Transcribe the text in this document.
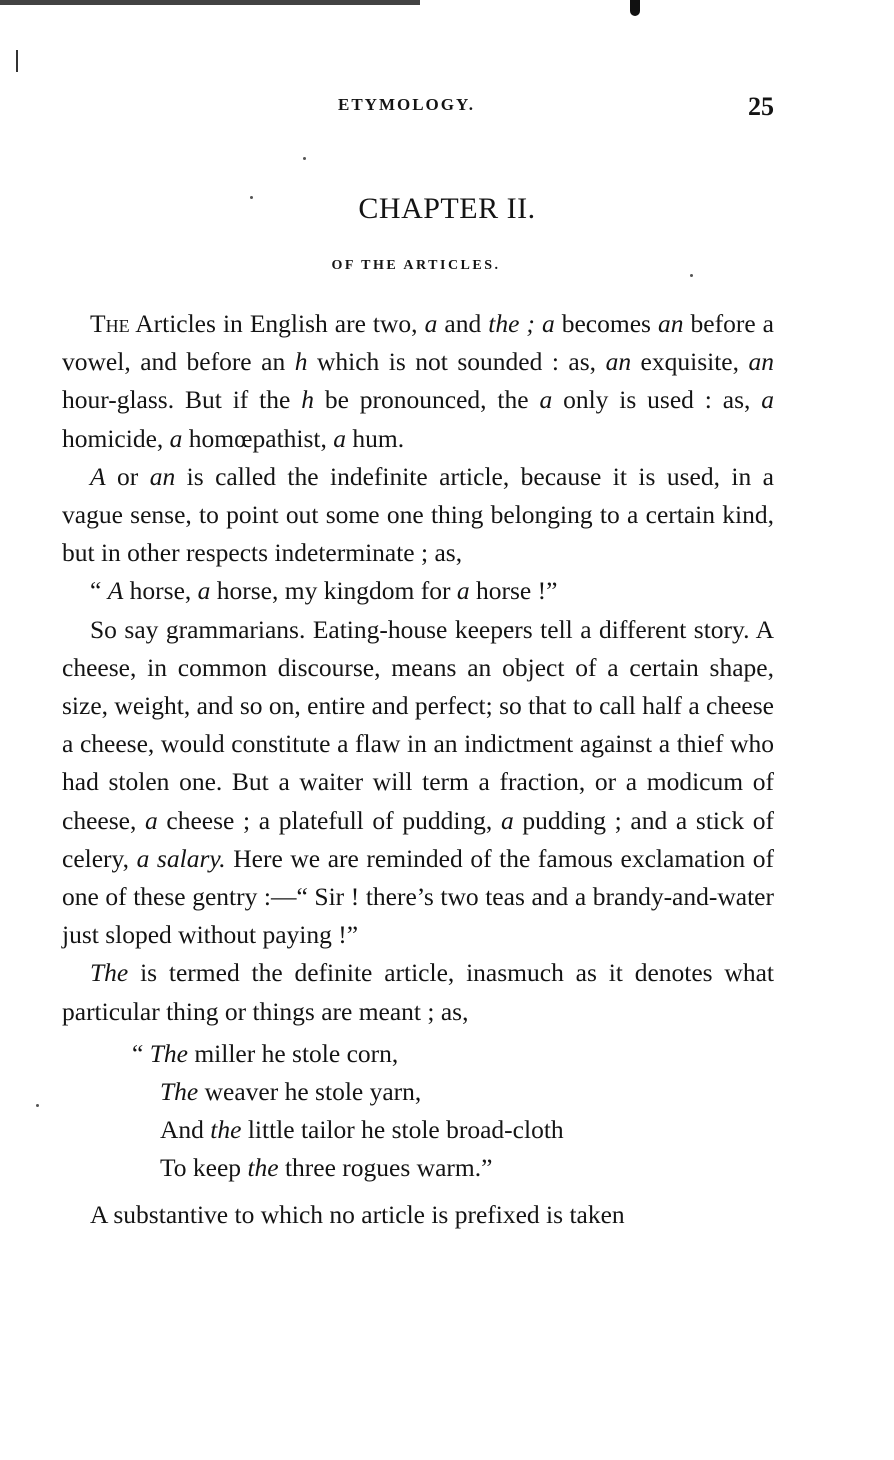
ETYMOLOGY.	25
CHAPTER II.
OF THE ARTICLES.

The Articles in English are two, a and the ; a becomes an before a vowel, and before an h which is not sounded : as, an exquisite, an hour-glass. But if the h be pronounced, the a only is used : as, a homicide, a homœpathist, a hum.

A or an is called the indefinite article, because it is used, in a vague sense, to point out some one thing belonging to a certain kind, but in other respects indeterminate ; as,

“ A horse, a horse, my kingdom for a horse !”

So say grammarians. Eating-house keepers tell a different story. A cheese, in common discourse, means an object of a certain shape, size, weight, and so on, entire and perfect; so that to call half a cheese a cheese, would constitute a flaw in an indictment against a thief who had stolen one. But a waiter will term a fraction, or a modicum of cheese, a cheese ; a platefull of pudding, a pudding ; and a stick of celery, a salary. Here we are reminded of the famous exclamation of one of these gentry :—“ Sir ! there’s two teas and a brandy-and-water just sloped without paying !”

The is termed the definite article, inasmuch as it denotes what particular thing or things are meant ; as,

“ The miller he stole corn,
The weaver he stole yarn,
And the little tailor he stole broad-cloth
To keep the three rogues warm.”

A substantive to which no article is prefixed is taken
